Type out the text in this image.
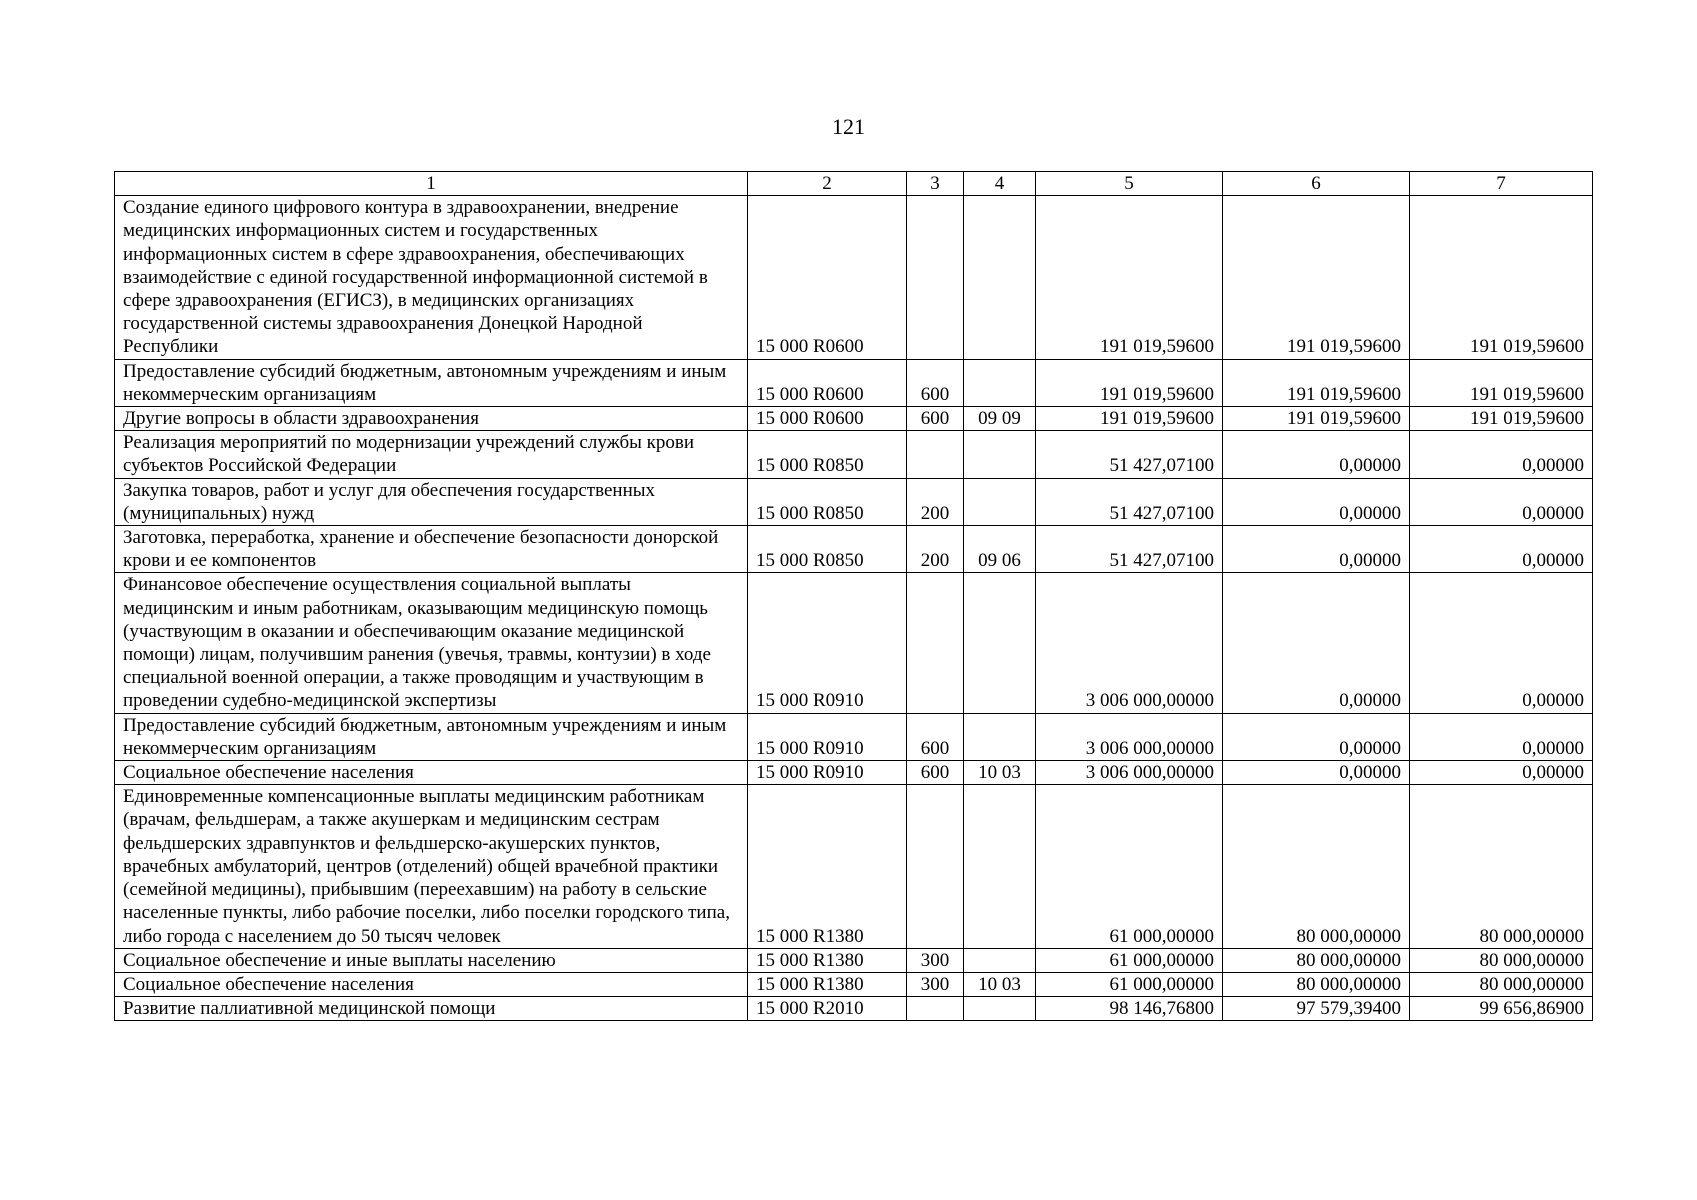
121
1	2	3	4	5	6	7
Создание единого цифрового контура в здравоохранении, внедрение медицинских информационных систем и государственных информационных систем в сфере здравоохранения, обеспечивающих взаимодействие с единой государственной информационной системой в сфере здравоохранения (ЕГИСЗ), в медицинских организациях государственной системы здравоохранения Донецкой Народной Республики	15 000 R0600			191 019,59600	191 019,59600	191 019,59600
Предоставление субсидий бюджетным, автономным учреждениям и иным некоммерческим организациям	15 000 R0600	600		191 019,59600	191 019,59600	191 019,59600
Другие вопросы в области здравоохранения	15 000 R0600	600	09 09	191 019,59600	191 019,59600	191 019,59600
Реализация мероприятий по модернизации учреждений службы крови субъектов Российской Федерации	15 000 R0850			51 427,07100	0,00000	0,00000
Закупка товаров, работ и услуг для обеспечения государственных (муниципальных) нужд	15 000 R0850	200		51 427,07100	0,00000	0,00000
Заготовка, переработка, хранение и обеспечение безопасности донорской крови и ее компонентов	15 000 R0850	200	09 06	51 427,07100	0,00000	0,00000
Финансовое обеспечение осуществления социальной выплаты медицинским и иным работникам, оказывающим медицинскую помощь (участвующим в оказании и обеспечивающим оказание медицинской помощи) лицам, получившим ранения (увечья, травмы, контузии) в ходе специальной военной операции, а также проводящим и участвующим в проведении судебно-медицинской экспертизы	15 000 R0910			3 006 000,00000	0,00000	0,00000
Предоставление субсидий бюджетным, автономным учреждениям и иным некоммерческим организациям	15 000 R0910	600		3 006 000,00000	0,00000	0,00000
Социальное обеспечение населения	15 000 R0910	600	10 03	3 006 000,00000	0,00000	0,00000
Единовременные компенсационные выплаты медицинским работникам (врачам, фельдшерам, а также акушеркам и медицинским сестрам фельдшерских здравпунктов и фельдшерско-акушерских пунктов, врачебных амбулаторий, центров (отделений) общей врачебной практики (семейной медицины), прибывшим (переехавшим) на работу в сельские населенные пункты, либо рабочие поселки, либо поселки городского типа, либо города с населением до 50 тысяч человек	15 000 R1380			61 000,00000	80 000,00000	80 000,00000
Социальное обеспечение и иные выплаты населению	15 000 R1380	300		61 000,00000	80 000,00000	80 000,00000
Социальное обеспечение населения	15 000 R1380	300	10 03	61 000,00000	80 000,00000	80 000,00000
Развитие паллиативной медицинской помощи	15 000 R2010			98 146,76800	97 579,39400	99 656,86900
